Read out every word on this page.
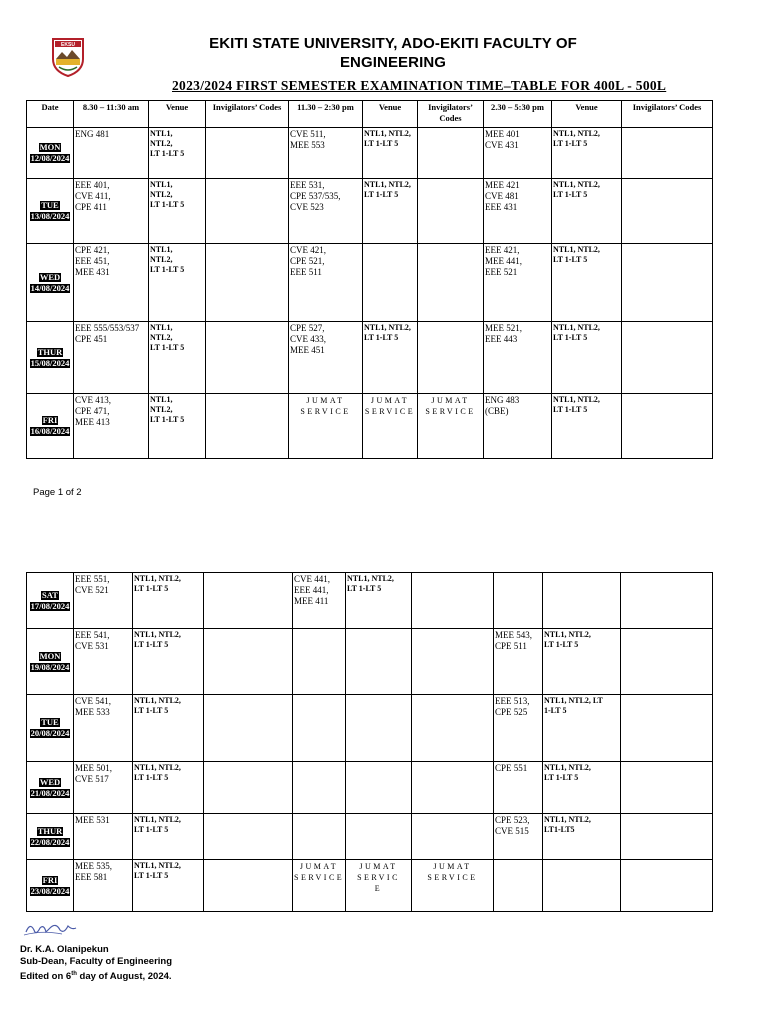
EKSU	EKITI STATE UNIVERSITY, ADO-EKITI FACULTY OF ENGINEERING
2023/2024 FIRST SEMESTER EXAMINATION TIME–TABLE FOR 400L - 500L
Date	8.30 – 11:30 am	Venue	Invigilators’ Codes	11.30 – 2:30 pm	Venue	Invigilators’ Codes	2.30 – 5:30 pm	Venue	Invigilators’ Codes
MON
12/08/2024	ENG 481	NTL1,
NTL2,
LT 1-LT 5		CVE 511,
MEE 553	NTL1, NTL2,
LT 1-LT 5		MEE 401
CVE 431	NTL1, NTL2,
LT 1-LT 5	
TUE
13/08/2024	EEE 401,
CVE 411,
CPE 411	NTL1,
NTL2,
LT 1-LT 5		EEE 531,
CPE 537/535,
CVE 523	NTL1, NTL2,
LT 1-LT 5		MEE 421
CVE 481
EEE 431	NTL1, NTL2,
LT 1-LT 5	
WED
14/08/2024	CPE 421,
EEE 451,
MEE 431	NTL1,
NTL2,
LT 1-LT 5		CVE 421,
CPE 521,
EEE 511			EEE 421,
MEE 441,
EEE 521	NTL1, NTL2,
LT 1-LT 5	
THUR
15/08/2024	EEE 555/553/537
CPE 451	NTL1,
NTL2,
LT 1-LT 5		CPE 527,
CVE 433,
MEE 451	NTL1, NTL2,
LT 1-LT 5		MEE 521,
EEE 443	NTL1, NTL2,
LT 1-LT 5	
FRI
16/08/2024	CVE 413,
CPE 471,
MEE 413	NTL1,
NTL2,
LT 1-LT 5		JUMAT
SERVICE	JUMAT
SERVICE	JUMAT
SERVICE	ENG 483
(CBE)	NTL1, NTL2,
LT 1-LT 5	
Page 1 of 2
SAT
17/08/2024	EEE 551,
CVE 521	NTL1, NTL2,
LT 1-LT 5		CVE 441,
EEE 441,
MEE 411	NTL1, NTL2,
LT 1-LT 5				
MON
19/08/2024	EEE 541,
CVE 531	NTL1, NTL2,
LT 1-LT 5					MEE 543,
CPE 511	NTL1, NTL2,
LT 1-LT 5	
TUE
20/08/2024	CVE 541,
MEE 533	NTL1, NTL2,
LT 1-LT 5					EEE 513,
CPE 525	NTL1, NTL2, LT
1-LT 5	
WED
21/08/2024	MEE 501,
CVE 517	NTL1, NTL2,
LT 1-LT 5					CPE 551	NTL1, NTL2,
LT 1-LT 5	
THUR
22/08/2024	MEE 531	NTL1, NTL2,
LT 1-LT 5					CPE 523,
CVE 515	NTL1, NTL2,
LT1-LT5	
FRI
23/08/2024	MEE 535,
EEE 581	NTL1, NTL2,
LT 1-LT 5		JUMAT
SERVICE	JUMAT
SERVIC
E	JUMAT
SERVICE			
Dr. K.A. Olanipekun
Sub-Dean, Faculty of Engineering
Edited on 6th day of August, 2024.
